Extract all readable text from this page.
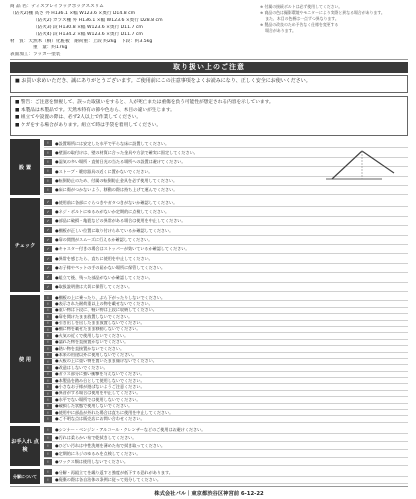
商 品 名：ディスプレイラックボックススリム
（防火2)棚 高さ 外 H136.1 ×幅 W123.6 ×奥行 D14.8 cm
（防火2) ガラス棚 外 H136.1 ×幅 W123.6 ×奥行 D28.8 cm
（防火3) 段 H130.8 ×幅 W123.6 ×奥行 D11.7 cm
（防火4) 段 H134.2 ×幅 W123.6 ×奥行 D11.7 cm
材　質：天然木（桐）化粧板　耐荷重：上段 約2kg　下段：約3.5kg
重　量：約17kg
表面加工：ラッカー塗装
※ 付属の接続ボルトは必ず使用してください。
※ 商品の色は撮影環境やモニターにより実際と異なる場合があります。
　 また、木目の色柄は一点ずつ異なります。
※ 製品の改良のため予告なく仕様を変更する
　 場合があります。
取り扱い上のご注意
■ お買い求めいただき、誠にありがとうございます。ご使用前にこの注意事項をよくお読みになり、正しく安全にお使いください。
■ 警告：ご注意を無視して、誤った取扱いをすると、人が死亡または重傷を負う可能性が想定される内容を示しています。
■ 本製品は木製品です。天然木特有の節や色むら、木目の違いが生じます。
■ 組立てや設置の際は、必ず2人以上で作業してください。
■ ケガをする場合があります。組立て時は手袋を着用してください。
設 置
!	●設置場所には安定した水平で平らな床に設置してください。
!	●壁面の取付けは、壁の材質に合った金具や方法で確実に固定してください。
!	●湿気の多い場所・直射日光の当たる場所への設置は避けてください。
!	●ストーブ・暖房器具の近くに置かないでください。
!	●転倒防止のため、付属の転倒防止金具を必ず使用してください。
!	●床に傷がつかないよう、移動の際は持ち上げて運んでください。
チェック
✓	●使用前に各部にぐらつきやガタつきがないか確認してください。
✓	●ネジ・ボルトにゆるみがないか定期的に点検してください。
✓	●部品に破損・亀裂などの異常がある場合は使用を中止してください。
✓	●棚板が正しい位置に取り付けられているか確認してください。
✓	●扉の開閉がスムーズに行えるか確認してください。
✓	●キャスター付きの場合はストッパーが効いているか確認してください。
✓	●異常を感じたら、直ちに使用を中止してください。
✓	●お子様やペットの手の届かない場所に保管してください。
✓	●組立て後、残った部品がないか確認してください。
✓	●取扱説明書は大切に保管してください。
使 用
!	●棚板の上に乗ったり、ぶら下がったりしないでください。
!	●表示された耐荷重以上の物を載せないでください。
!	●重い物は下段に、軽い物は上段に収納してください。
!	●扉を開けたまま放置しないでください。
!	●引き出しを出したまま放置しないでください。
!	●棚に物を載せたまま移動しないでください。
!	●火気の近くで使用しないでください。
!	●濡れた物を直接置かないでください。
!	●熱い物を直接置かないでください。
!	●本来の用途以外に使用しないでください。
!	●天板の上に重い物を置いたまま傾けないでください。
!	●改造はしないでください。
!	●ガラス部分に強い衝撃を与えないでください。
!	●本製品を踏み台として使用しないでください。
!	●小さなお子様が遊ばないようご注意ください。
!	●異音がする場合は使用を中止してください。
!	●水平でない場所では使用しないでください。
!	●破損した状態で使用しないでください。
!	●使用中に部品が外れた場合は直ちに使用を中止してください。
!	●ご不明な点は販売店にお問い合わせください。
お手入れ 点 検
!	●シンナー・ベンジン・アルコール・クレンザーなどのご使用はお避けください。
!	●汚れは柔らかい布で乾拭きしてください。
!	●ひどい汚れは中性洗剤を薄めた布で拭き取ってください。
!	●定期的にネジのゆるみを点検してください。
!	●ワックス類は使用しないでください。
分解について
!	●分解・再組立てを繰り返すと強度が低下する恐れがあります。
!	●廃棄の際は各自治体の条例に従って処分してください。
株式会社パル｜東京都渋谷区神宮前 6-12-22
